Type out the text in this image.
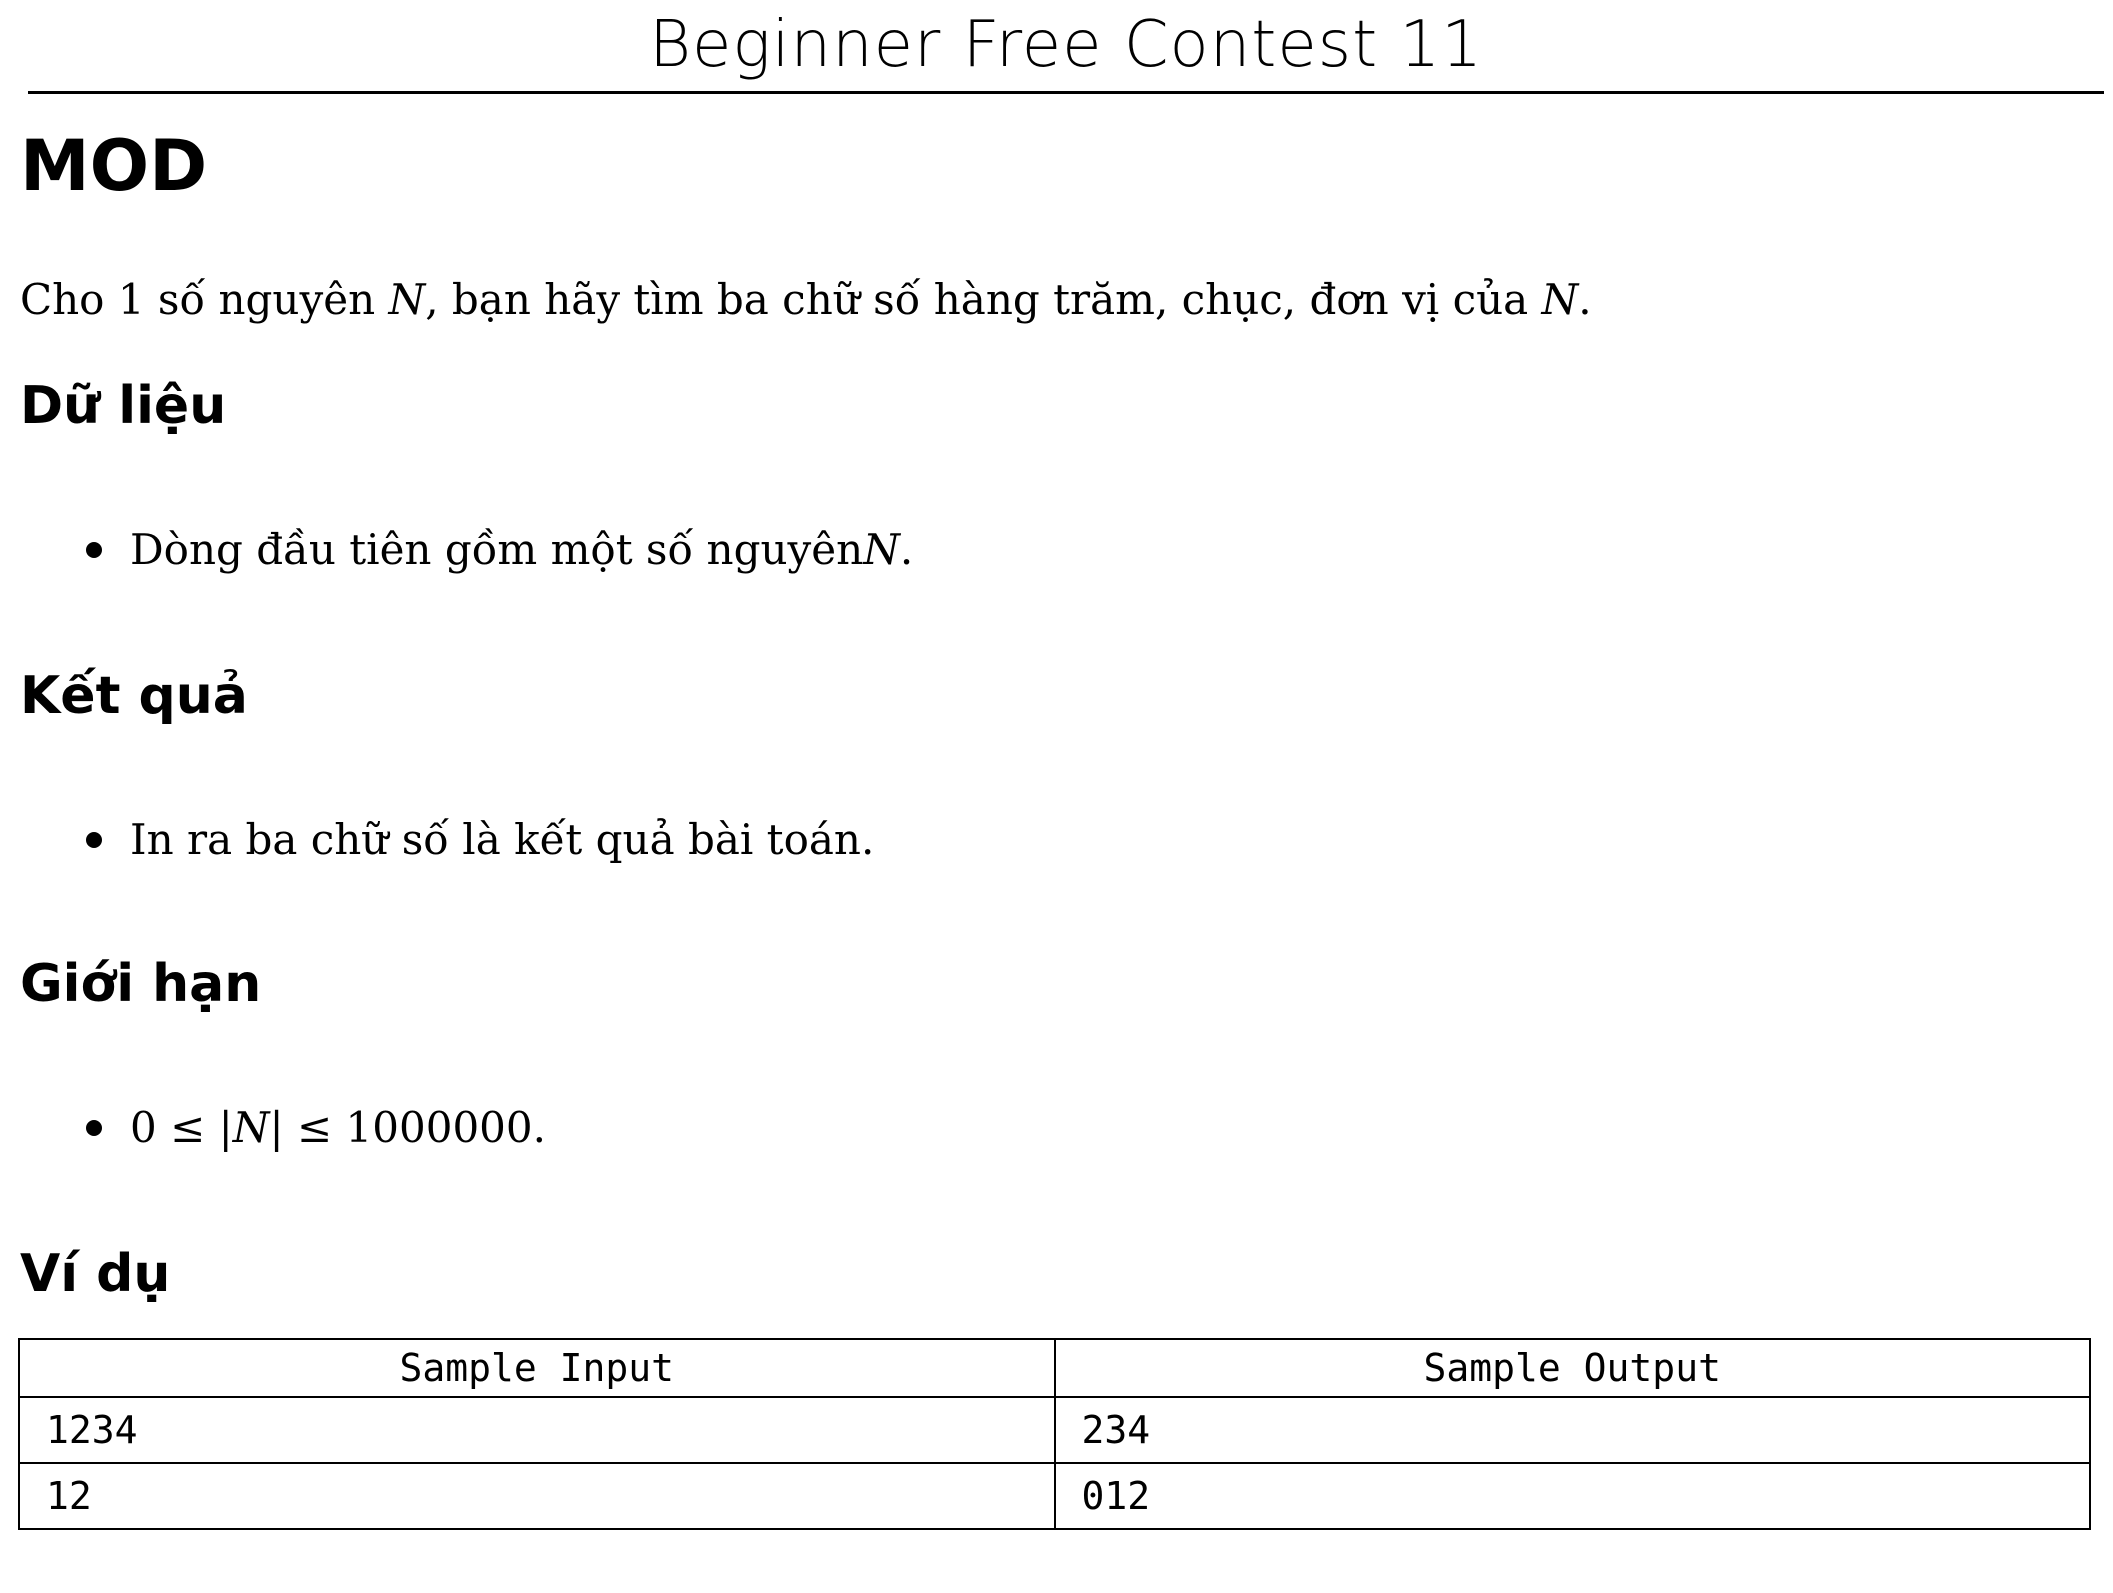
Beginner Free Contest 11
MOD

Cho 1 số nguyên N, bạn hãy tìm ba chữ số hàng trăm, chục, đơn vị của N.

Dữ liệu

Dòng đầu tiên gồm một số nguyên N .

Kết quả

In ra ba chữ số là kết quả bài toán.

Giới hạn

0 ≤ | N | ≤ 1000000.

Ví dụ
Sample Input	Sample Output
1234	234
12	012
